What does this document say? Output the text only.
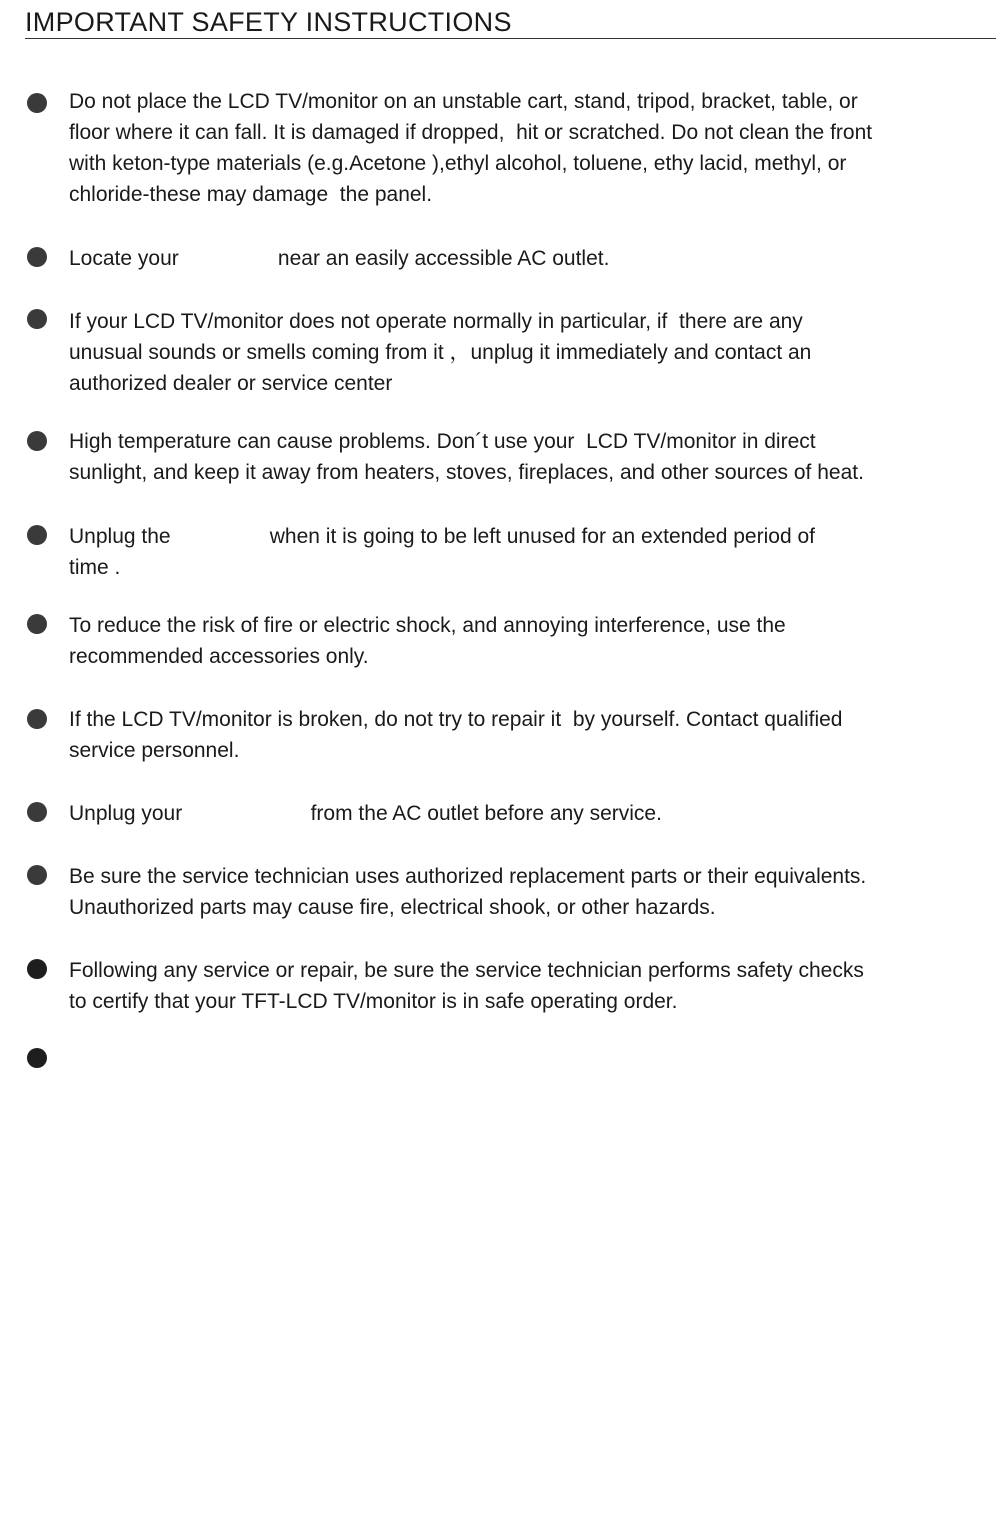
IMPORTANT SAFETY INSTRUCTIONS
Do not place the LCD TV/monitor on an unstable cart, stand, tripod, bracket, table, or
floor where it can fall. It is damaged if dropped,  hit or scratched. Do not clean the front
with keton-type materials (e.g.Acetone ),ethyl alcohol, toluene, ethy lacid, methyl, or
chloride-these may damage  the panel.
Locate your                 near an easily accessible AC outlet.
If your LCD TV/monitor does not operate normally in particular, if  there are any
unusual sounds or smells coming from it ，unplug it immediately and contact an
authorized dealer or service center
High temperature can cause problems. Don´t use your  LCD TV/monitor in direct
sunlight, and keep it away from heaters, stoves, fireplaces, and other sources of heat.
Unplug the                 when it is going to be left unused for an extended period of
time .
To reduce the risk of fire or electric shock, and annoying interference, use the
recommended accessories only.
If the LCD TV/monitor is broken, do not try to repair it  by yourself. Contact qualified
service personnel.
Unplug your                      from the AC outlet before any service.
Be sure the service technician uses authorized replacement parts or their equivalents.
Unauthorized parts may cause fire, electrical shook, or other hazards.
Following any service or repair, be sure the service technician performs safety checks
to certify that your TFT-LCD TV/monitor is in safe operating order.
